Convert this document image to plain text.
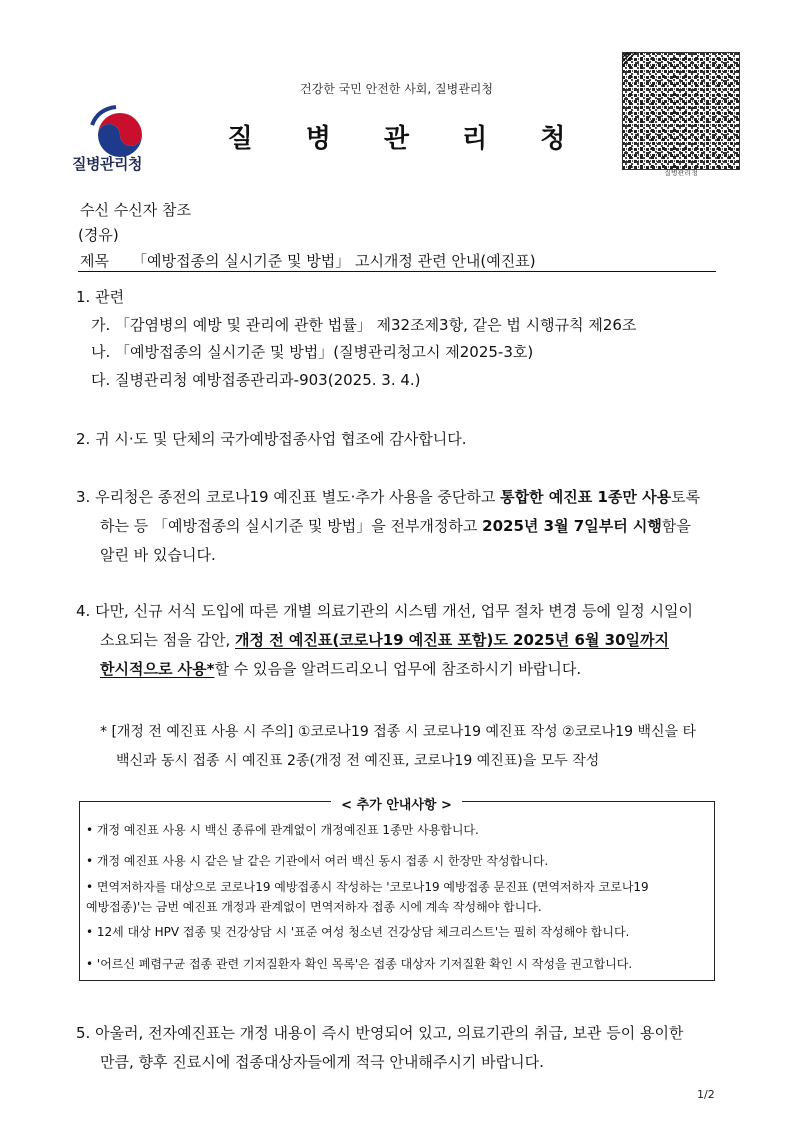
건강한 국민 안전한 사회, 질병관리청
질 병 관 리 청
질병관리청	질병관리청
수신 수신자 참조
(경유)
제목 「예방접종의 실시기준 및 방법」 고시개정 관련 안내(예진표)
1. 관련
가. 「감염병의 예방 및 관리에 관한 법률」 제32조제3항, 같은 법 시행규칙 제26조
나. 「예방접종의 실시기준 및 방법」(질병관리청고시 제2025-3호)
다. 질병관리청 예방접종관리과-903(2025. 3. 4.)
2. 귀 시·도 및 단체의 국가예방접종사업 협조에 감사합니다.
3. 우리청은 종전의 코로나19 예진표 별도·추가 사용을 중단하고 통합한 예진표 1종만 사용토록 하는 등 「예방접종의 실시기준 및 방법」을 전부개정하고 2025년 3월 7일부터 시행함을 알린 바 있습니다.
4. 다만, 신규 서식 도입에 따른 개별 의료기관의 시스템 개선, 업무 절차 변경 등에 일정 시일이 소요되는 점을 감안, 개정 전 예진표(코로나19 예진표 포함)도 2025년 6월 30일까지 한시적으로 사용*할 수 있음을 알려드리오니 업무에 참조하시기 바랍니다.
* [개정 전 예진표 사용 시 주의] ①코로나19 접종 시 코로나19 예진표 작성 ②코로나19 백신을 타 백신과 동시 접종 시 예진표 2종(개정 전 예진표, 코로나19 예진표)을 모두 작성
< 추가 안내사항 >
• 개정 예진표 사용 시 백신 종류에 관계없이 개정예진표 1종만 사용합니다.
• 개정 예진표 사용 시 같은 날 같은 기관에서 여러 백신 동시 접종 시 한장만 작성합니다.
• 면역저하자를 대상으로 코로나19 예방접종시 작성하는 '코로나19 예방접종 문진표 (면역저하자 코로나19 예방접종)'는 금번 예진표 개정과 관계없이 면역저하자 접종 시에 계속 작성해야 합니다.
• 12세 대상 HPV 접종 및 건강상담 시 '표준 여성 청소년 건강상담 체크리스트'는 필히 작성해야 합니다.
• '어르신 폐렴구균 접종 관련 기저질환자 확인 목록'은 접종 대상자 기저질환 확인 시 작성을 권고합니다.
5. 아울러, 전자예진표는 개정 내용이 즉시 반영되어 있고, 의료기관의 취급, 보관 등이 용이한 만큼, 향후 진료시에 접종대상자들에게 적극 안내해주시기 바랍니다.
1/2
